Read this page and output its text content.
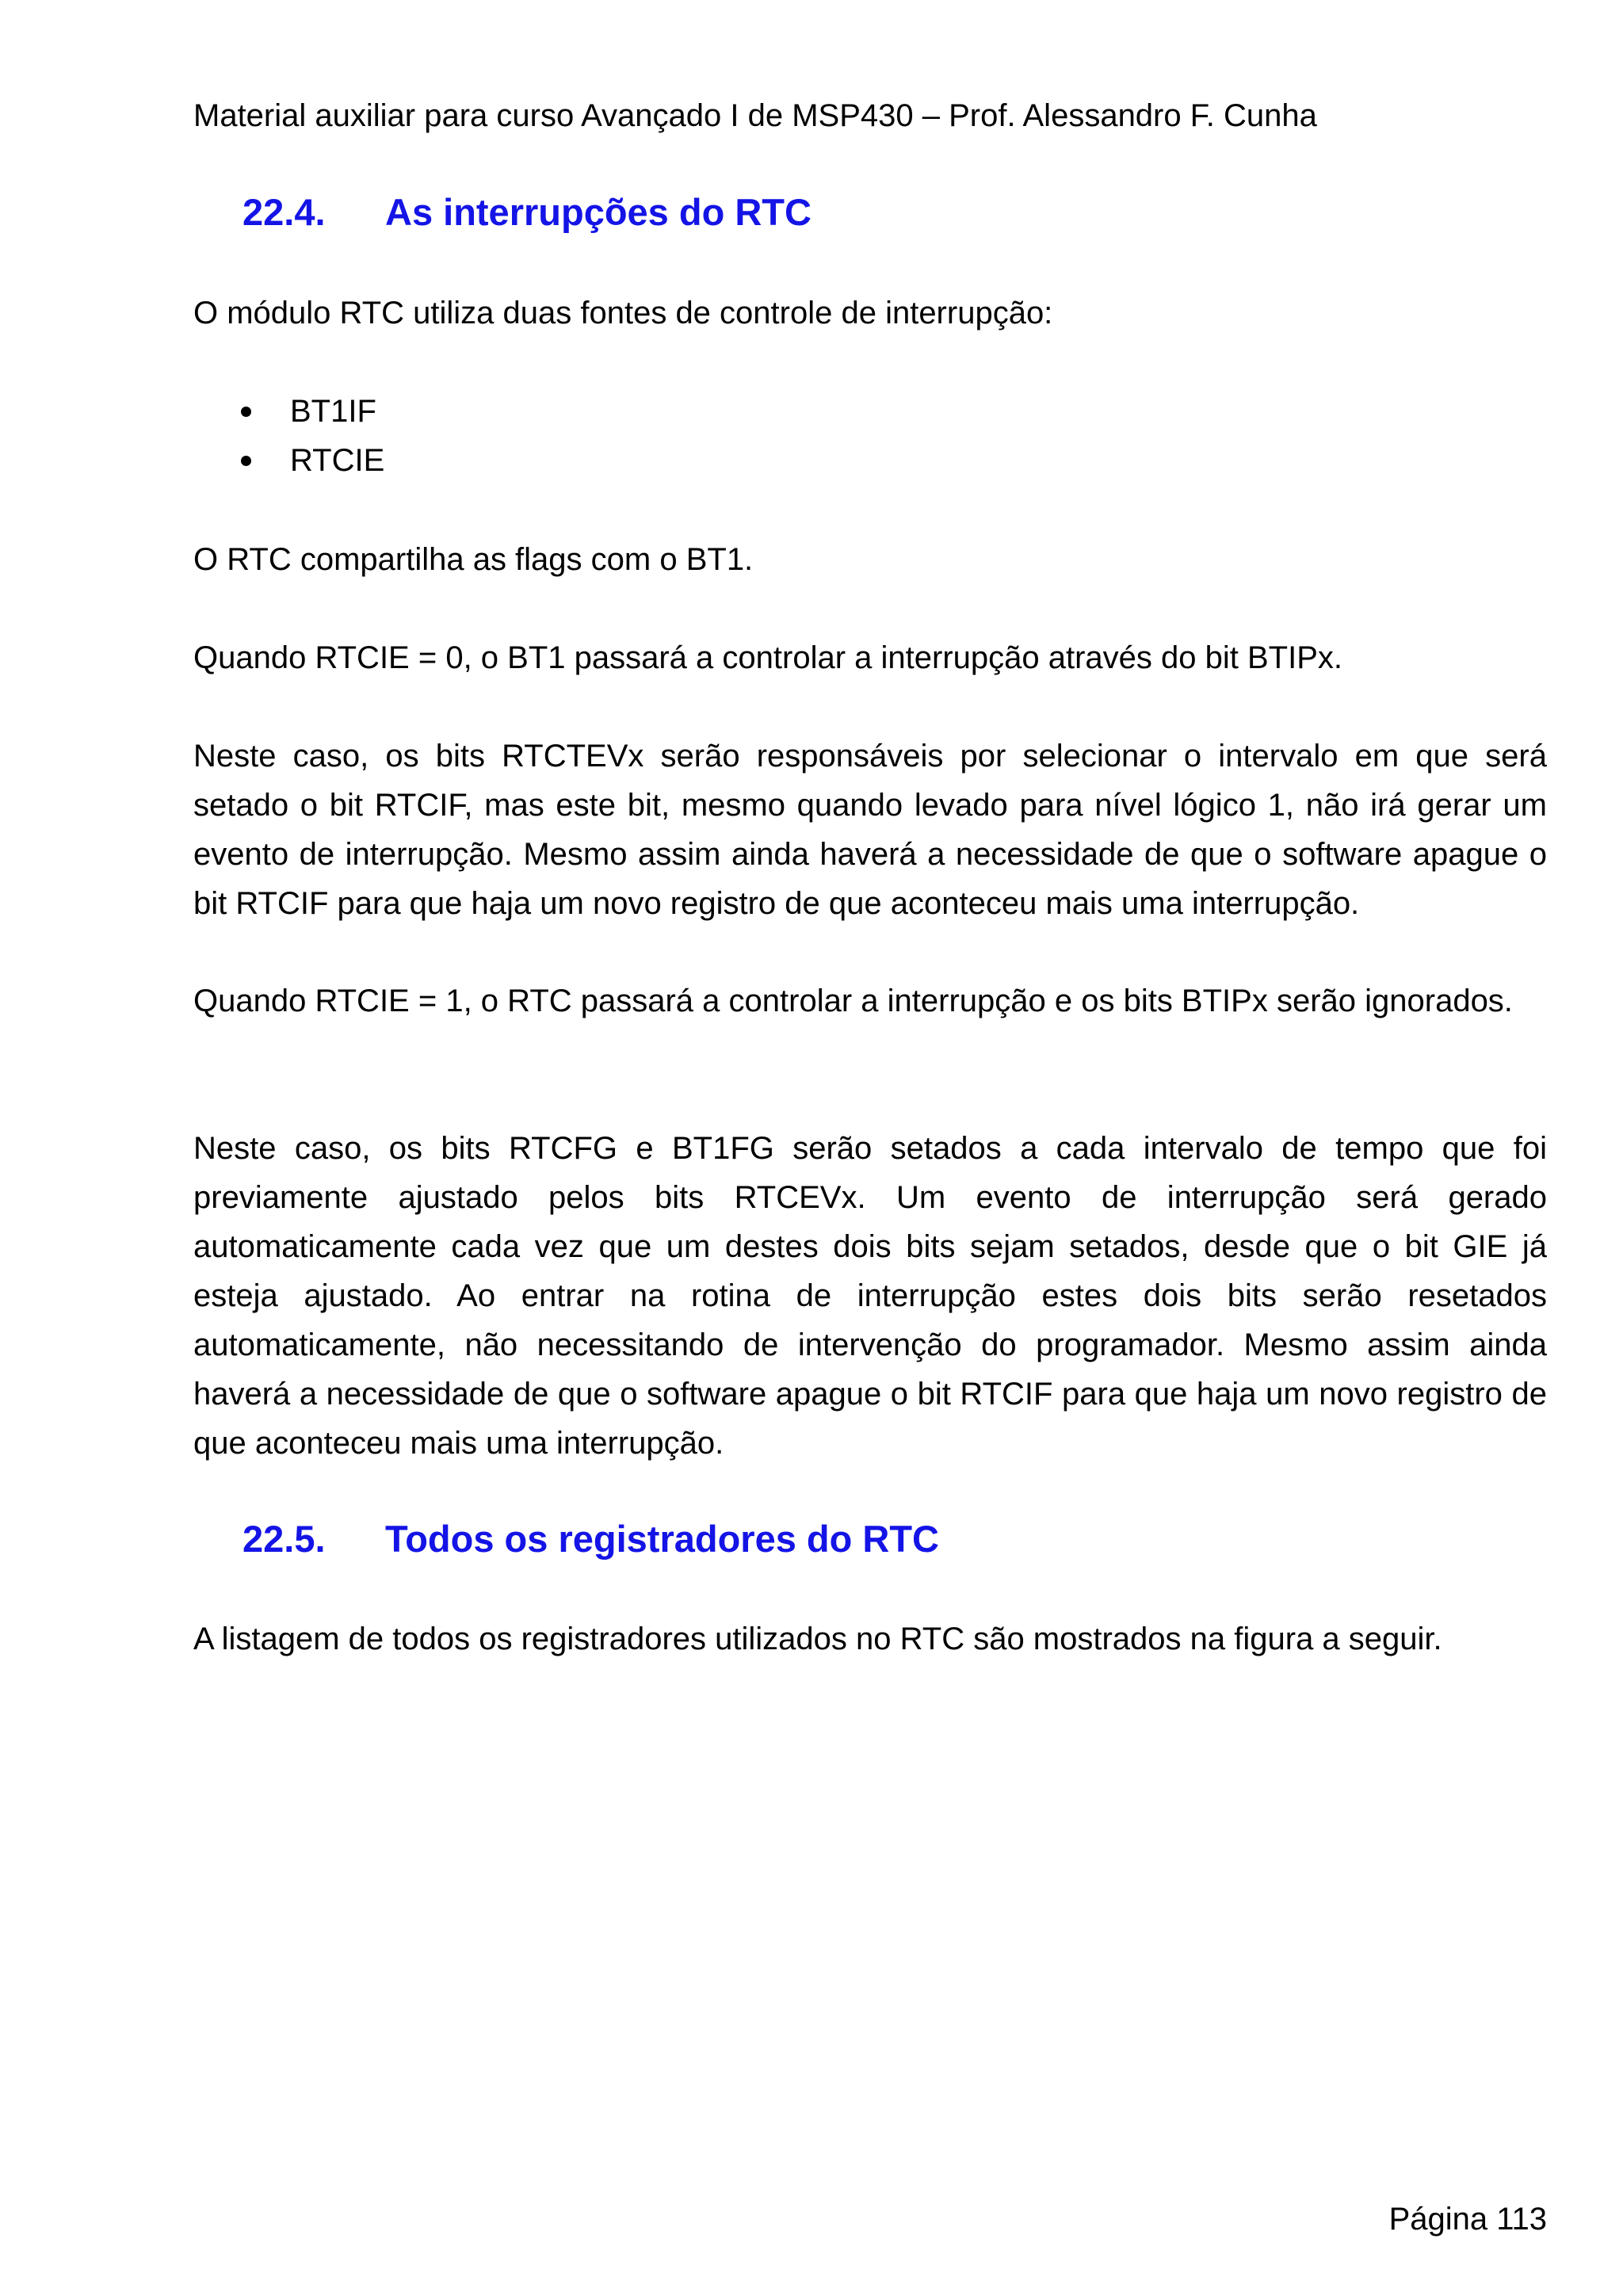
Material auxiliar para curso Avançado I de MSP430 – Prof. Alessandro F. Cunha
22.4. As interrupções do RTC

O módulo RTC utiliza duas fontes de controle de interrupção:

BT1IF
RTCIE

O RTC compartilha as flags com o BT1.

Quando RTCIE = 0, o BT1 passará a controlar a interrupção através do bit BTIPx.

Neste caso, os bits RTCTEVx serão responsáveis por selecionar o intervalo em que será setado o bit RTCIF, mas este bit, mesmo quando levado para nível lógico 1, não irá gerar um evento de interrupção. Mesmo assim ainda haverá a necessidade de que o software apague o bit RTCIF para que haja um novo registro de que aconteceu mais uma interrupção.

Quando RTCIE = 1, o RTC passará a controlar a interrupção e os bits BTIPx serão ignorados.

Neste caso, os bits RTCFG e BT1FG serão setados a cada intervalo de tempo que foi previamente ajustado pelos bits RTCEVx. Um evento de interrupção será gerado automaticamente cada vez que um destes dois bits sejam setados, desde que o bit GIE já esteja ajustado. Ao entrar na rotina de interrupção estes dois bits serão resetados automaticamente, não necessitando de intervenção do programador. Mesmo assim ainda haverá a necessidade de que o software apague o bit RTCIF para que haja um novo registro de que aconteceu mais uma interrupção.

22.5. Todos os registradores do RTC

A listagem de todos os registradores utilizados no RTC são mostrados na figura a seguir.

Página 113
